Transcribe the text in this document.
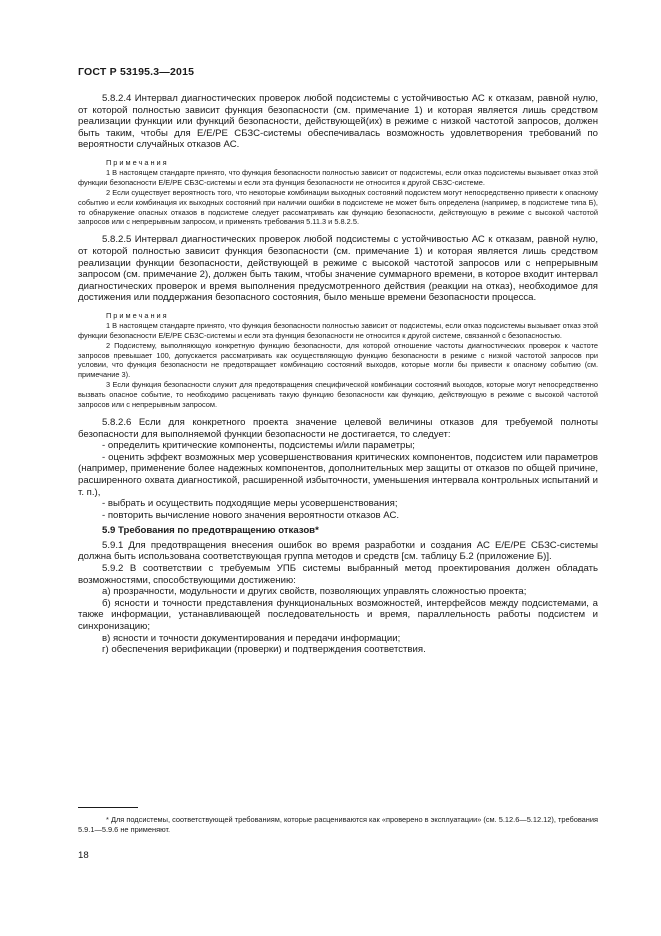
ГОСТ Р 53195.3—2015

5.8.2.4 Интервал диагностических проверок любой подсистемы с устойчивостью АС к отказам, равной нулю, от которой полностью зависит функция безопасности (см. примечание 1) и которая является лишь средством реализации функции или функций безопасности, действующей(их) в режиме с низкой частотой запросов, должен быть таким, чтобы для E/E/PE СБЗС-системы обеспечивалась возможность удовлетворения требований по вероятности случайных отказов АС.

Примечания

1 В настоящем стандарте принято, что функция безопасности полностью зависит от подсистемы, если отказ подсистемы вызывает отказ этой функции безопасности E/E/PE СБЗС-системы и если эта функция безопасности не относится к другой СБЗС-системе.

2 Если существует вероятность того, что некоторые комбинации выходных состояний подсистем могут непосредственно привести к опасному событию и если комбинация их выходных состояний при наличии ошибки в подсистеме не может быть определена (например, в подсистеме типа Б), то обнаружение опасных отказов в подсистеме следует рассматривать как функцию безопасности, действующую в режиме с высокой частотой запросов или с непрерывным запросом, и применять требования 5.11.3 и 5.8.2.5.

5.8.2.5 Интервал диагностических проверок любой подсистемы с устойчивостью АС к отказам, равной нулю, от которой полностью зависит функция безопасности (см. примечание 1) и которая является лишь средством реализации функции безопасности, действующей в режиме с высокой частотой запросов или с непрерывным запросом (см. примечание 2), должен быть таким, чтобы значение суммарного времени, в которое входит интервал диагностических проверок и время выполнения предусмотренного действия (реакции на отказ), необходимое для достижения или поддержания безопасного состояния, было меньше времени безопасности процесса.

Примечания

1 В настоящем стандарте принято, что функция безопасности полностью зависит от подсистемы, если отказ подсистемы вызывает отказ этой функции безопасности E/E/PE СБЗС-системы и если эта функция безопасности не относится к другой системе, связанной с безопасностью.

2 Подсистему, выполняющую конкретную функцию безопасности, для которой отношение частоты диагностических проверок к частоте запросов превышает 100, допускается рассматривать как осуществляющую функцию безопасности в режиме с низкой частотой запросов при условии, что функция безопасности не предотвращает комбинацию состояний выходов, которые могли бы привести к опасному событию (см. примечание 3).

3 Если функция безопасности служит для предотвращения специфической комбинации состояний выходов, которые могут непосредственно вызвать опасное событие, то необходимо расценивать такую функцию безопасности как функцию, действующую в режиме с высокой частотой запросов или с непрерывным запросом.

5.8.2.6 Если для конкретного проекта значение целевой величины отказов для требуемой полноты безопасности для выполняемой функции безопасности не достигается, то следует:

- определить критические компоненты, подсистемы и/или параметры;

- оценить эффект возможных мер усовершенствования критических компонентов, подсистем или параметров (например, применение более надежных компонентов, дополнительных мер защиты от отказов по общей причине, расширенного охвата диагностикой, расширенной избыточности, уменьшения интервала контрольных испытаний и т. п.),

- выбрать и осуществить подходящие меры усовершенствования;

- повторить вычисление нового значения вероятности отказов АС.

5.9 Требования по предотвращению отказов*

5.9.1 Для предотвращения внесения ошибок во время разработки и создания АС E/E/PE СБЗС-системы должна быть использована соответствующая группа методов и средств [см. таблицу Б.2 (приложение Б)].

5.9.2 В соответствии с требуемым УПБ системы выбранный метод проектирования должен обладать возможностями, способствующими достижению:

а) прозрачности, модульности и других свойств, позволяющих управлять сложностью проекта;

б) ясности и точности представления функциональных возможностей, интерфейсов между подсистемами, а также информации, устанавливающей последовательность и время, параллельность работы подсистем и синхронизацию;

в) ясности и точности документирования и передачи информации;

г) обеспечения верификации (проверки) и подтверждения соответствия.

* Для подсистемы, соответствующей требованиям, которые расцениваются как «проверено в эксплуатации» (см. 5.12.6—5.12.12), требования 5.9.1—5.9.6 не применяют.

18
